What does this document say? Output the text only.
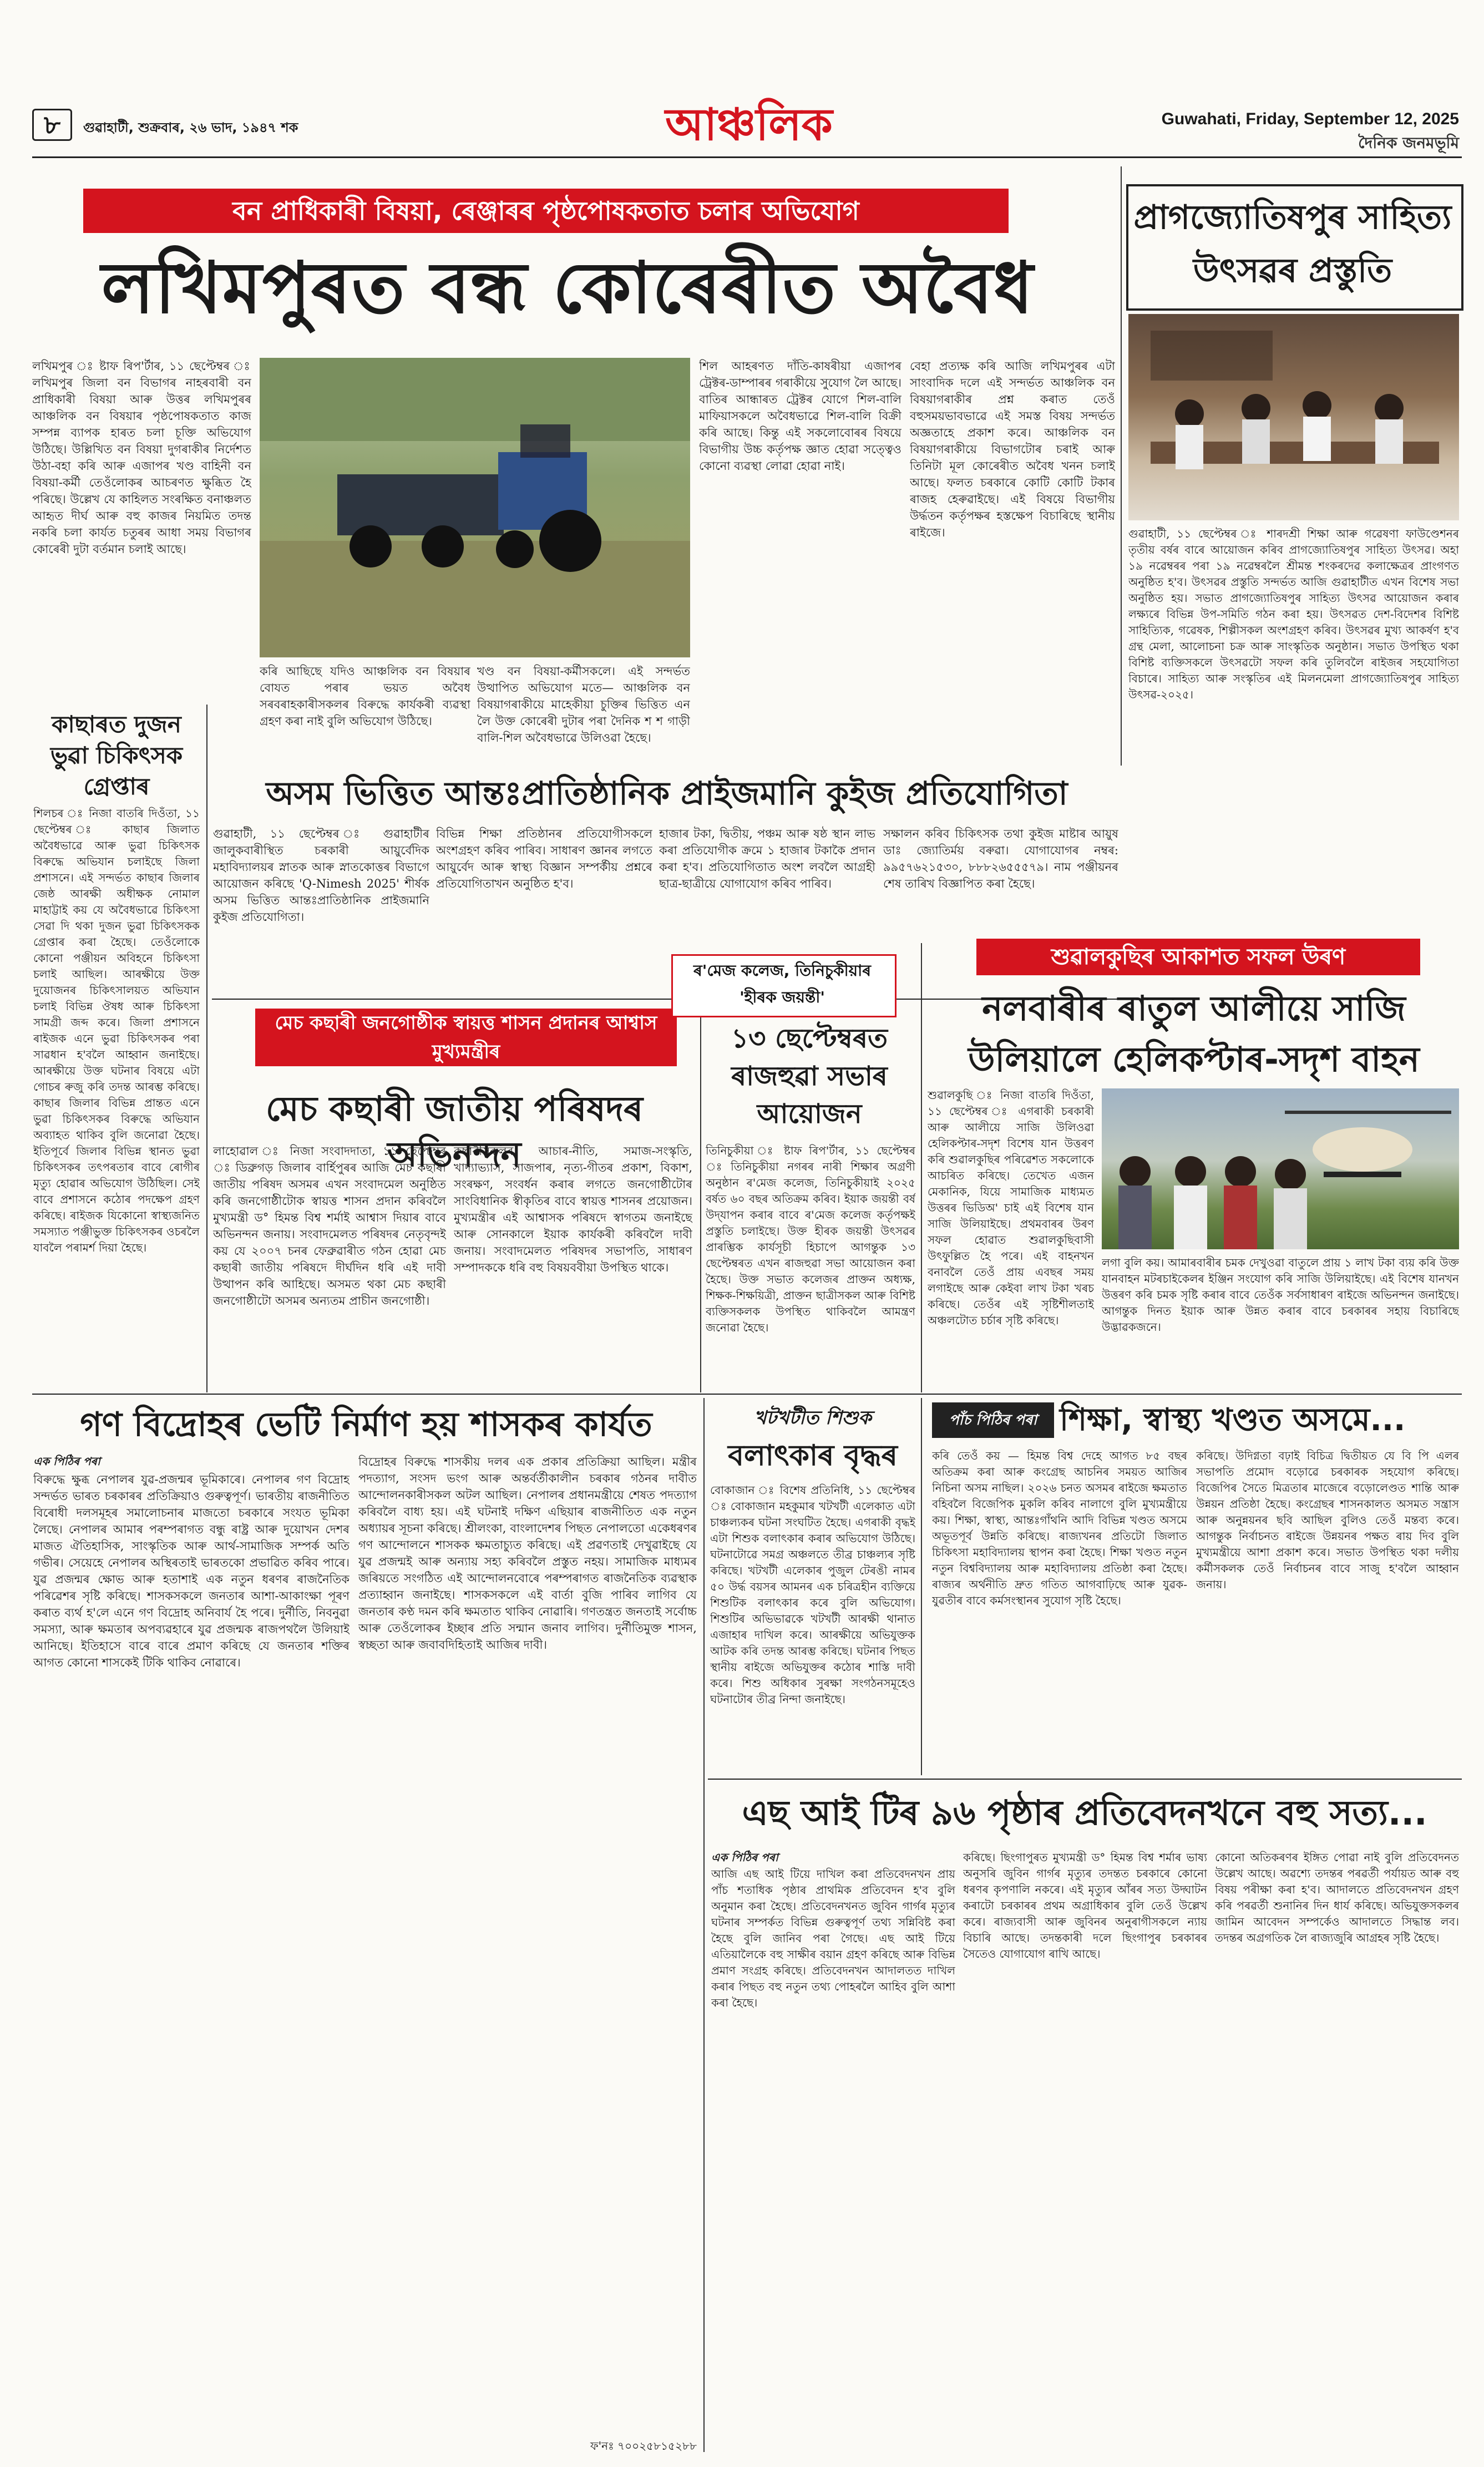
৮	গুৱাহাটী, শুক্ৰবাৰ, ২৬ ভাদ, ১৯৪৭ শক	আঞ্চলিক	Guwahati, Friday, September 12, 2025
দৈনিক জনমভূমি
বন প্ৰাধিকাৰী বিষয়া, ৰেঞ্জাৰৰ পৃষ্ঠপোষকতাত চলাৰ অভিযোগ
লখিমপুৰত বন্ধ কোৰেৰীত অবৈধ
লখিমপুৰ ঃ ষ্টাফ ৰিপ'ৰ্টাৰ, ১১ ছেপ্টেম্বৰ ঃ লখিমপুৰ জিলা বন বিভাগৰ নাহৰবাৰী বন প্ৰাধিকাৰী বিষয়া আৰু উত্তৰ লখিমপুৰৰ আঞ্চলিক বন বিষয়াৰ পৃষ্ঠপোষকতাত কাজ সম্পন্ন ব্যাপক হাৰত চলা চূক্তি অভিযোগ উঠিছে। উল্লিখিত বন বিষয়া দুগৰাকীৰ নিৰ্দেশত উঠা-বহা কৰি আৰু এজাপৰ খণ্ড বাহিনী বন বিষয়া-কৰ্মী তেওঁলোকৰ আচৰণত ক্ষুব্ধিত হৈ পৰিছে। উল্লেখ যে কাহিলত সংৰক্ষিত বনাঞ্চলত আহৃত দীৰ্ঘ আৰু বহু কাজৰ নিয়মিত তদন্ত নকৰি চলা কাৰ্যত চতুৰৰ আধা সময় বিভাগৰ কোৰেৰী দুটা বৰ্তমান চলাই আছে।
কৰি আছিছে যদিও আঞ্চলিক বন বিষয়াৰ বোযত পৰাৰ ভয়ত অবৈধ সৰবৰাহকাৰীসকলৰ বিৰুদ্ধে কাৰ্যকৰী ব্যৱস্থা গ্ৰহণ কৰা নাই বুলি অভিযোগ উঠিছে।
খণ্ড বন বিষয়া-কৰ্মীসকলে। এই সন্দৰ্ভত উত্থাপিত অভিযোগ মতে— আঞ্চলিক বন বিষয়াগৰাকীয়ে মাহেকীয়া চুক্তিৰ ভিত্তিত এন লৈ উক্ত কোৰেৰী দুটাৰ পৰা দৈনিক শ শ গাড়ী বালি-শিল অবৈধভাৱে উলিওৱা হৈছে।
শিল আহৰণত দাঁতি-কাষৰীয়া এজাপৰ ট্ৰেক্টৰ-ডাম্পাৰৰ গৰাকীয়ে সুযোগ লৈ আছে। বাতিৰ আন্ধাৰত ট্ৰেক্টৰ যোগে শিল-বালি মাফিয়াসকলে অবৈধভাৱে শিল-বালি বিক্ৰী কৰি আছে। কিন্তু এই সকলোবোৰৰ বিষয়ে বিভাগীয় উচ্চ কৰ্তৃপক্ষ জ্ঞাত হোৱা সত্ত্বেও কোনো ব্যৱস্থা লোৱা হোৱা নাই।
বেহা প্ৰত্যক্ষ কৰি আজি লখিমপুৰৰ এটা সাংবাদিক দলে এই সন্দৰ্ভত আঞ্চলিক বন বিষয়াগৰাকীৰ প্ৰশ্ন কৰাত তেওঁ বহুসময়ভাবভাৱে এই সমস্ত বিষয় সন্দৰ্ভত অজ্ঞতাহে প্ৰকাশ কৰে। আঞ্চলিক বন বিষয়াগৰাকীয়ে বিভাগটোৰ চৰাই আৰু তিনিটা মূল কোৰেৰীত অবৈধ খনন চলাই আছে। ফলত চৰকাৰে কোটি কোটি টকাৰ ৰাজহ হেৰুৱাইছে। এই বিষয়ে বিভাগীয় উৰ্দ্ধতন কৰ্তৃপক্ষৰ হস্তক্ষেপ বিচাৰিছে স্থানীয় ৰাইজে।
প্ৰাগজ্যোতিষপুৰ সাহিত্য উৎসৱৰ প্ৰস্তুতি
গুৱাহাটী, ১১ ছেপ্টেম্বৰ ঃ শাৰদশ্ৰী শিক্ষা আৰু গৱেষণা ফাউণ্ডেশনৰ তৃতীয় বৰ্ষৰ বাৰে আয়োজন কৰিব প্ৰাগজ্যোতিষপুৰ সাহিত্য উৎসৱ। অহা ১৯ নৱেম্বৰৰ পৰা ১৯ নৱেম্বৰলৈ শ্ৰীমন্ত শংকৰদেৱ কলাক্ষেত্ৰৰ প্ৰাংগণত অনুষ্ঠিত হ'ব। উৎসৱৰ প্ৰস্তুতি সন্দৰ্ভত আজি গুৱাহাটীত এখন বিশেষ সভা অনুষ্ঠিত হয়। সভাত প্ৰাগজ্যোতিষপুৰ সাহিত্য উৎসৱ আয়োজন কৰাৰ লক্ষ্যৰে বিভিন্ন উপ-সমিতি গঠন কৰা হয়। উৎসৱত দেশ-বিদেশৰ বিশিষ্ট সাহিত্যিক, গৱেষক, শিল্পীসকল অংশগ্ৰহণ কৰিব। উৎসৱৰ মুখ্য আকৰ্ষণ হ'ব গ্ৰন্থ মেলা, আলোচনা চক্ৰ আৰু সাংস্কৃতিক অনুষ্ঠান। সভাত উপস্থিত থকা বিশিষ্ট ব্যক্তিসকলে উৎসৱটো সফল কৰি তুলিবলৈ ৰাইজৰ সহযোগিতা বিচাৰে। সাহিত্য আৰু সংস্কৃতিৰ এই মিলনমেলা প্ৰাগজ্যোতিষপুৰ সাহিত্য উৎসৱ-২০২৫।
কাছাৰত দুজন ভুৱা চিকিৎসক গ্ৰেপ্তাৰ
শিলচৰ ঃ নিজা বাতৰি দিওঁতা, ১১ ছেপ্টেম্বৰ ঃ কাছাৰ জিলাত অবৈধভাৱে আৰু ভুৱা চিকিৎসক বিৰুদ্ধে অভিযান চলাইছে জিলা প্ৰশাসনে। এই সন্দৰ্ভত কাছাৰ জিলাৰ জেষ্ঠ আৰক্ষী অধীক্ষক নোমাল মাহাট্টাই কয় যে অবৈধভাৱে চিকিৎসা সেৱা দি থকা দুজন ভুৱা চিকিৎসকক গ্ৰেপ্তাৰ কৰা হৈছে। তেওঁলোকে কোনো পঞ্জীয়ন অবিহনে চিকিৎসা চলাই আছিল। আৰক্ষীয়ে উক্ত দুয়োজনৰ চিকিৎসালয়ত অভিযান চলাই বিভিন্ন ঔষধ আৰু চিকিৎসা সামগ্ৰী জব্দ কৰে। জিলা প্ৰশাসনে ৰাইজক এনে ভুৱা চিকিৎসকৰ পৰা সাৱধান হ'বলৈ আহ্বান জনাইছে। আৰক্ষীয়ে উক্ত ঘটনাৰ বিষয়ে এটা গোচৰ ৰুজু কৰি তদন্ত আৰম্ভ কৰিছে। কাছাৰ জিলাৰ বিভিন্ন প্ৰান্তত এনে ভুৱা চিকিৎসকৰ বিৰুদ্ধে অভিযান অব্যাহত থাকিব বুলি জনোৱা হৈছে। ইতিপূৰ্বে জিলাৰ বিভিন্ন স্থানত ভুৱা চিকিৎসকৰ তৎপৰতাৰ বাবে ৰোগীৰ মৃত্যু হোৱাৰ অভিযোগ উঠিছিল। সেই বাবে প্ৰশাসনে কঠোৰ পদক্ষেপ গ্ৰহণ কৰিছে। ৰাইজক যিকোনো স্বাস্থ্যজনিত সমস্যাত পঞ্জীভুক্ত চিকিৎসকৰ ওচৰলৈ যাবলৈ পৰামৰ্শ দিয়া হৈছে।
অসম ভিত্তিত আন্তঃপ্ৰাতিষ্ঠানিক প্ৰাইজমানি কুইজ প্ৰতিযোগিতা
গুৱাহাটী, ১১ ছেপ্টেম্বৰ ঃ গুৱাহাটীৰ জালুকবাৰীস্থিত চৰকাৰী আয়ুৰ্বেদিক মহাবিদ্যালয়ৰ স্নাতক আৰু স্নাতকোত্তৰ বিভাগে আয়োজন কৰিছে 'Q-Nimesh 2025' শীৰ্ষক অসম ভিত্তিত আন্তঃপ্ৰাতিষ্ঠানিক প্ৰাইজমানি কুইজ প্ৰতিযোগিতা।
বিভিন্ন শিক্ষা প্ৰতিষ্ঠানৰ প্ৰতিযোগীসকলে অংশগ্ৰহণ কৰিব পাৰিব। সাধাৰণ জ্ঞানৰ লগতে আয়ুৰ্বেদ আৰু স্বাস্থ্য বিজ্ঞান সম্পৰ্কীয় প্ৰশ্নৰে প্ৰতিযোগিতাখন অনুষ্ঠিত হ'ব।
হাজাৰ টকা, দ্বিতীয়, পঞ্চম আৰু ষষ্ঠ স্থান লাভ কৰা প্ৰতিযোগীক ক্ৰমে ১ হাজাৰ টকাকৈ প্ৰদান কৰা হ'ব। প্ৰতিযোগিতাত অংশ লবলৈ আগ্ৰহী ছাত্ৰ-ছাত্ৰীয়ে যোগাযোগ কৰিব পাৰিব।
সক্ষালন কৰিব চিকিৎসক তথা কুইজ মাষ্টাৰ আয়ুষ ডাঃ জ্যোতিৰ্ময় বৰুৱা। যোগাযোগৰ নম্বৰ: ৯৯৫৭৬২১৫৩০, ৮৮৮২৬৫৫৫৭৯। নাম পঞ্জীয়নৰ শেষ তাৰিখ বিজ্ঞাপিত কৰা হৈছে।
মেচ কছাৰী জনগোষ্ঠীক স্বায়ত্ত শাসন প্ৰদানৰ আশ্বাস মুখ্যমন্ত্ৰীৰ
মেচ কছাৰী জাতীয় পৰিষদৰ অভিনন্দন
লাহোৱাল ঃ নিজা সংবাদদাতা, ১১ ছেপ্টেম্বৰ ঃ ডিব্ৰুগড় জিলাৰ বাৰ্হিপুৰৰ আজি মেচ কছাৰী জাতীয় পৰিষদ অসমৰ এখন সংবাদমেল অনুষ্ঠিত কৰি জনগোষ্ঠীটোক স্বায়ত্ত শাসন প্ৰদান কৰিবলৈ মুখ্যমন্ত্ৰী ড° হিমন্ত বিশ্ব শৰ্মাই আশ্বাস দিয়াৰ বাবে অভিনন্দন জনায়। সংবাদমেলত পৰিষদৰ নেতৃবৃন্দই কয় যে ২০০৭ চনৰ ফেব্ৰুৱাৰীত গঠন হোৱা মেচ কছাৰী জাতীয় পৰিষদে দীৰ্ঘদিন ধৰি এই দাবী উত্থাপন কৰি আহিছে। অসমত থকা মেচ কছাৰী জনগোষ্ঠীটো অসমৰ অন্যতম প্ৰাচীন জনগোষ্ঠী।
কছাৰীসকলৰ আচাৰ-নীতি, সমাজ-সংস্কৃতি, খাদ্যাভ্যাস, সাজপাৰ, নৃত্য-গীতৰ প্ৰকাশ, বিকাশ, সংৰক্ষণ, সংবৰ্ধন কৰাৰ লগতে জনগোষ্ঠীটোৰ সাংবিধানিক স্বীকৃতিৰ বাবে স্বায়ত্ত শাসনৰ প্ৰয়োজন। মুখ্যমন্ত্ৰীৰ এই আশ্বাসক পৰিষদে স্বাগতম জনাইছে আৰু সোনকালে ইয়াক কাৰ্যকৰী কৰিবলৈ দাবী জনায়। সংবাদমেলত পৰিষদৰ সভাপতি, সাধাৰণ সম্পাদককে ধৰি বহু বিষয়ববীয়া উপস্থিত থাকে।
ৰ'মেজ কলেজ, তিনিচুকীয়াৰ 'হীৰক জয়ন্তী'
১৩ ছেপ্টেম্বৰত ৰাজহুৱা সভাৰ আয়োজন
তিনিচুকীয়া ঃ ষ্টাফ ৰিপ'ৰ্টাৰ, ১১ ছেপ্টেম্বৰ ঃ তিনিচুকীয়া নগৰৰ নাৰী শিক্ষাৰ অগ্ৰণী অনুষ্ঠান ৰ'মেজ কলেজ, তিনিচুকীয়াই ২০২৫ বৰ্ষত ৬০ বছৰ অতিক্ৰম কৰিব। ইয়াক জয়ন্তী বৰ্ষ উদ্‌যাপন কৰাৰ বাবে ৰ'মেজ কলেজ কৰ্তৃপক্ষই প্ৰস্তুতি চলাইছে। উক্ত হীৰক জয়ন্তী উৎসৱৰ প্ৰাৰম্ভিক কাৰ্যসূচী হিচাপে আগন্তুক ১৩ ছেপ্টেম্বৰত এখন ৰাজহুৱা সভা আয়োজন কৰা হৈছে। উক্ত সভাত কলেজৰ প্ৰাক্তন অধ্যক্ষ, শিক্ষক-শিক্ষয়িত্ৰী, প্ৰাক্তন ছাত্ৰীসকল আৰু বিশিষ্ট ব্যক্তিসকলক উপস্থিত থাকিবলৈ আমন্ত্ৰণ জনোৱা হৈছে।
শুৱালকুছিৰ আকাশত সফল উৰণ
নলবাৰীৰ ৰাতুল আলীয়ে সাজি উলিয়ালে হেলিকপ্টাৰ-সদৃশ বাহন
শুৱালকুছি ঃ নিজা বাতৰি দিওঁতা, ১১ ছেপ্টেম্বৰ ঃ এগৰাকী চৰকাৰী আৰু আলীয়ে সাজি উলিওৱা হেলিকপ্টাৰ-সদৃশ বিশেষ যান উত্তৰণ কৰি শুৱালকুছিৰ পৰিৱেশত সকলোকে আচৰিত কৰিছে। তেখেত এজন মেকানিক, যিয়ে সামাজিক মাধ্যমত উত্তৰৰ ভিডিঅ' চাই এই বিশেষ যান সাজি উলিয়াইছে। প্ৰথমবাৰৰ উৰণ সফল হোৱাত শুৱালকুছিবাসী উৎফুল্লিত হৈ পৰে। এই বাহনখন বনাবলৈ তেওঁ প্ৰায় এবছৰ সময় লগাইছে আৰু কেইবা লাখ টকা খৰচ কৰিছে। তেওঁৰ এই সৃষ্টিশীলতাই অঞ্চলটোত চৰ্চাৰ সৃষ্টি কৰিছে।
লগা বুলি কয়। আমাৰবাৰীৰ চমক দেখুওৱা বাতুলে প্ৰায় ১ লাখ টকা ব্যয় কৰি উক্ত যানবাহন মটৰচাইকেলৰ ইঞ্জিন সংযোগ কৰি সাজি উলিয়াইছে। এই বিশেষ যানখন উত্তৰণ কৰি চমক সৃষ্টি কৰাৰ বাবে তেওঁক সৰ্বসাধাৰণ ৰাইজে অভিনন্দন জনাইছে। আগন্তুক দিনত ইয়াক আৰু উন্নত কৰাৰ বাবে চৰকাৰৰ সহায় বিচাৰিছে উদ্ভাৱকজনে।
গণ বিদ্ৰোহৰ ভেটি নিৰ্মাণ হয় শাসকৰ কাৰ্যত
এক পিঠিৰ পৰা
বিৰুদ্ধে ক্ষুব্ধ নেপালৰ যুৱ-প্ৰজন্মৰ ভূমিকাৰে। নেপালৰ গণ বিদ্ৰোহ সন্দৰ্ভত ভাৰত চৰকাৰৰ প্ৰতিক্ৰিয়াও গুৰুত্বপূৰ্ণ। ভাৰতীয় ৰাজনীতিত বিৰোধী দলসমূহৰ সমালোচনাৰ মাজতো চৰকাৰে সংযত ভূমিকা লৈছে। নেপালৰ আমাৰ পৰম্পৰাগত বন্ধু ৰাষ্ট্ৰ আৰু দুয়োখন দেশৰ মাজত ঐতিহাসিক, সাংস্কৃতিক আৰু আৰ্থ-সামাজিক সম্পৰ্ক অতি গভীৰ। সেয়েহে নেপালৰ অস্থিৰতাই ভাৰতকো প্ৰভাৱিত কৰিব পাৰে। যুৱ প্ৰজন্মৰ ক্ষোভ আৰু হতাশাই এক নতুন ধৰণৰ ৰাজনৈতিক পৰিৱেশৰ সৃষ্টি কৰিছে। শাসকসকলে জনতাৰ আশা-আকাংক্ষা পূৰণ কৰাত ব্যৰ্থ হ'লে এনে গণ বিদ্ৰোহ অনিবাৰ্য হৈ পৰে। দুৰ্নীতি, নিবনুৱা সমস্যা, আৰু ক্ষমতাৰ অপব্যৱহাৰে যুৱ প্ৰজন্মক ৰাজপথলৈ উলিয়াই আনিছে। ইতিহাসে বাৰে বাৰে প্ৰমাণ কৰিছে যে জনতাৰ শক্তিৰ আগত কোনো শাসকেই টিকি থাকিব নোৱাৰে।
বিদ্ৰোহৰ বিৰুদ্ধে শাসকীয় দলৰ এক প্ৰকাৰ প্ৰতিক্ৰিয়া আছিল। মন্ত্ৰীৰ পদত্যাগ, সংসদ ভংগ আৰু অন্তৰ্বৰ্তীকালীন চৰকাৰ গঠনৰ দাবীত আন্দোলনকাৰীসকল অটল আছিল। নেপালৰ প্ৰধানমন্ত্ৰীয়ে শেষত পদত্যাগ কৰিবলৈ বাধ্য হয়। এই ঘটনাই দক্ষিণ এছিয়াৰ ৰাজনীতিত এক নতুন অধ্যায়ৰ সূচনা কৰিছে। শ্ৰীলংকা, বাংলাদেশৰ পিছত নেপালতো একেধৰণৰ গণ আন্দোলনে শাসকক ক্ষমতাচ্যুত কৰিছে। এই প্ৰৱণতাই দেখুৱাইছে যে যুৱ প্ৰজন্মই আৰু অন্যায় সহ্য কৰিবলৈ প্ৰস্তুত নহয়। সামাজিক মাধ্যমৰ জৰিয়তে সংগঠিত এই আন্দোলনবোৰে পৰম্পৰাগত ৰাজনৈতিক ব্যৱস্থাক প্ৰত্যাহ্বান জনাইছে। শাসকসকলে এই বাৰ্তা বুজি পাৰিব লাগিব যে জনতাৰ কণ্ঠ দমন কৰি ক্ষমতাত থাকিব নোৱাৰি। গণতন্ত্ৰত জনতাই সৰ্বোচ্চ আৰু তেওঁলোকৰ ইচ্ছাৰ প্ৰতি সন্মান জনাব লাগিব। দুৰ্নীতিমুক্ত শাসন, স্বচ্ছতা আৰু জবাবদিহিতাই আজিৰ দাবী।
ফ'নঃ ৭০০২৫৮১৫২৮৮
খটখটীত শিশুক
বলাৎকাৰ বৃদ্ধৰ
বোকাজান ঃ বিশেষ প্ৰতিনিধি, ১১ ছেপ্টেম্বৰ ঃ বোকাজান মহকুমাৰ খটখটী এলেকাত এটা চাঞ্চল্যকৰ ঘটনা সংঘটিত হৈছে। এগৰাকী বৃদ্ধই এটা শিশুক বলাৎকাৰ কৰাৰ অভিযোগ উঠিছে। ঘটনাটোৱে সমগ্ৰ অঞ্চলতে তীব্ৰ চাঞ্চল্যৰ সৃষ্টি কৰিছে। খটখটী এলেকাৰ পুজুল টেৰঙী নামৰ ৫০ উৰ্দ্ধ বয়সৰ আমনৰ এক চৰিত্ৰহীন ব্যক্তিয়ে শিশুটিক বলাৎকাৰ কৰে বুলি অভিযোগ। শিশুটিৰ অভিভাৱকে খটখটী আৰক্ষী থানাত এজাহাৰ দাখিল কৰে। আৰক্ষীয়ে অভিযুক্তক আটক কৰি তদন্ত আৰম্ভ কৰিছে। ঘটনাৰ পিছত স্থানীয় ৰাইজে অভিযুক্তৰ কঠোৰ শাস্তি দাবী কৰে। শিশু অধিকাৰ সুৰক্ষা সংগঠনসমূহেও ঘটনাটোৰ তীব্ৰ নিন্দা জনাইছে।
পাঁচ পিঠিৰ পৰা শিক্ষা, স্বাস্থ্য খণ্ডত অসমে...
কৰি তেওঁ কয় — হিমন্ত বিশ্ব দেহে আগত ৮৫ বছৰ অতিক্ৰম কৰা আৰু কংগ্ৰেছ আচনিৰ সময়ত আজিৰ নিচিনা অসম নাছিল। ২০২৬ চনত অসমৰ ৰাইজে ক্ষমতাত বহিবলৈ বিজেপিক মুকলি কৰিব নালাগে বুলি মুখ্যমন্ত্ৰীয়ে কয়। শিক্ষা, স্বাস্থ্য, আন্তঃগাঁথনি আদি বিভিন্ন খণ্ডত অসমে অভূতপূৰ্ব উন্নতি কৰিছে। ৰাজ্যখনৰ প্ৰতিটো জিলাত চিকিৎসা মহাবিদ্যালয় স্থাপন কৰা হৈছে। শিক্ষা খণ্ডত নতুন নতুন বিশ্ববিদ্যালয় আৰু মহাবিদ্যালয় প্ৰতিষ্ঠা কৰা হৈছে। ৰাজ্যৰ অৰ্থনীতি দ্ৰুত গতিত আগবাঢ়িছে আৰু যুৱক-যুৱতীৰ বাবে কৰ্মসংস্থানৰ সুযোগ সৃষ্টি হৈছে।
কৰিছে। উদিগ্নতা বঢ়াই বিচিত্ৰ দ্বিতীয়ত যে বি পি এলৰ সভাপতি প্ৰমোদ বড়োৱে চৰকাৰক সহযোগ কৰিছে। বিজেপিৰ সৈতে মিত্ৰতাৰ মাজেৰে বড়োলেণ্ডত শান্তি আৰু উন্নয়ন প্ৰতিষ্ঠা হৈছে। কংগ্ৰেছৰ শাসনকালত অসমত সন্ত্ৰাস আৰু অনুন্নয়নৰ ছবি আছিল বুলিও তেওঁ মন্তব্য কৰে। আগন্তুক নিৰ্বাচনত ৰাইজে উন্নয়নৰ পক্ষত ৰায় দিব বুলি মুখ্যমন্ত্ৰীয়ে আশা প্ৰকাশ কৰে। সভাত উপস্থিত থকা দলীয় কৰ্মীসকলক তেওঁ নিৰ্বাচনৰ বাবে সাজু হ'বলৈ আহ্বান জনায়।
এছ আই টিৰ ৯৬ পৃষ্ঠাৰ প্ৰতিবেদনখনে বহু সত্য...
এক পিঠিৰ পৰা
আজি এছ আই টিয়ে দাখিল কৰা প্ৰতিবেদনখন প্ৰায় পাঁচ শতাধিক পৃষ্ঠাৰ প্ৰাথমিক প্ৰতিবেদন হ'ব বুলি অনুমান কৰা হৈছে। প্ৰতিবেদনখনত জুবিন গাৰ্গৰ মৃত্যুৰ ঘটনাৰ সম্পৰ্কত বিভিন্ন গুৰুত্বপূৰ্ণ তথ্য সন্নিবিষ্ট কৰা হৈছে বুলি জানিব পৰা গৈছে। এছ আই টিয়ে এতিয়ালৈকে বহু সাক্ষীৰ বয়ান গ্ৰহণ কৰিছে আৰু বিভিন্ন প্ৰমাণ সংগ্ৰহ কৰিছে। প্ৰতিবেদনখন আদালতত দাখিল কৰাৰ পিছত বহু নতুন তথ্য পোহৰলৈ আহিব বুলি আশা কৰা হৈছে।
কৰিছে। ছিংগাপুৰত মুখ্যমন্ত্ৰী ড° হিমন্ত বিশ্ব শৰ্মাৰ ভাষ্য অনুসৰি জুবিন গাৰ্গৰ মৃত্যুৰ তদন্তত চৰকাৰে কোনো ধৰণৰ কৃপণালি নকৰে। এই মৃত্যুৰ আঁৰৰ সত্য উদ্ঘাটন কৰাটো চৰকাৰৰ প্ৰথম অগ্ৰাধিকাৰ বুলি তেওঁ উল্লেখ কৰে। ৰাজ্যবাসী আৰু জুবিনৰ অনুৰাগীসকলে ন্যায় বিচাৰি আছে। তদন্তকাৰী দলে ছিংগাপুৰ চৰকাৰৰ সৈতেও যোগাযোগ ৰাখি আছে।
কোনো অতিকৰণৰ ইঙ্গিত পোৱা নাই বুলি প্ৰতিবেদনত উল্লেখ আছে। অৱশ্যে তদন্তৰ পৰৱৰ্তী পৰ্যায়ত আৰু বহু বিষয় পৰীক্ষা কৰা হ'ব। আদালতে প্ৰতিবেদনখন গ্ৰহণ কৰি পৰৱৰ্তী শুনানিৰ দিন ধাৰ্য কৰিছে। অভিযুক্তসকলৰ জামিন আবেদন সম্পৰ্কেও আদালতে সিদ্ধান্ত লব। তদন্তৰ অগ্ৰগতিক লৈ ৰাজ্যজুৰি আগ্ৰহৰ সৃষ্টি হৈছে।
